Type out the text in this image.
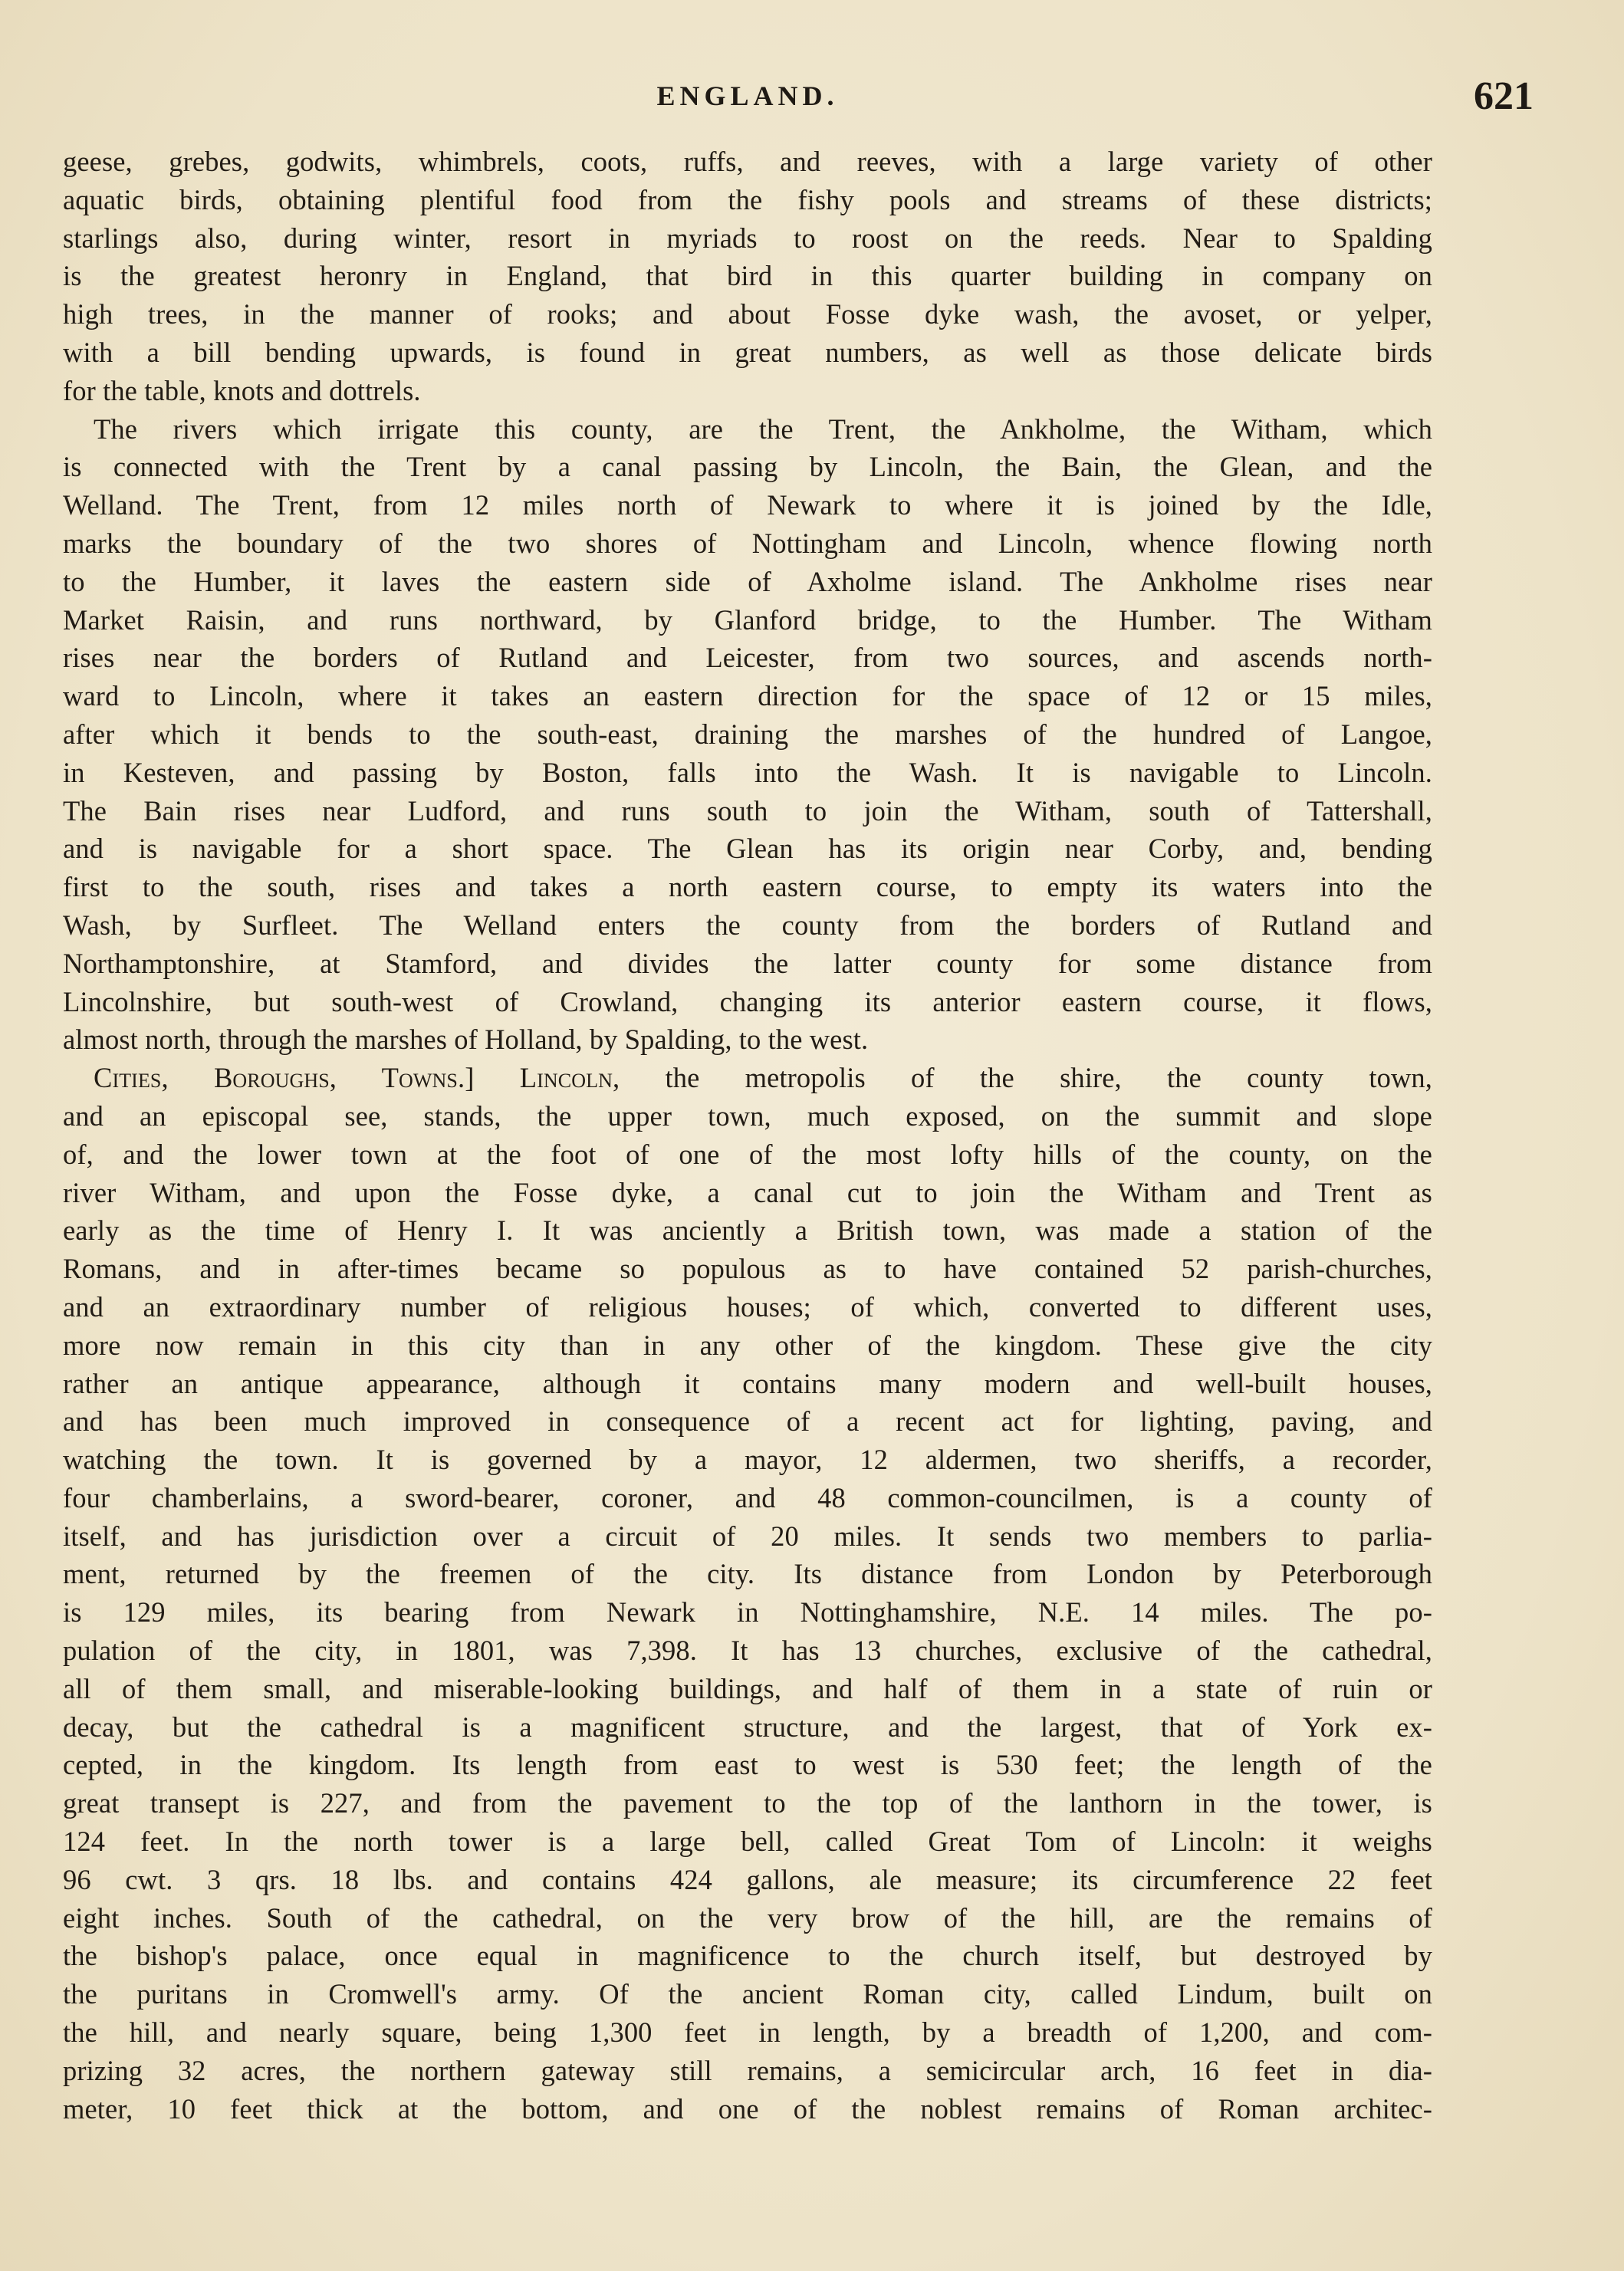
ENGLAND.	621
geese, grebes, godwits, whimbrels, coots, ruffs, and reeves, with a large variety of other
aquatic birds, obtaining plentiful food from the fishy pools and streams of these districts;
starlings also, during winter, resort in myriads to roost on the reeds. Near to Spalding
is the greatest heronry in England, that bird in this quarter building in company on
high trees, in the manner of rooks; and about Fosse dyke wash, the avoset, or yelper,
with a bill bending upwards, is found in great numbers, as well as those delicate birds
for the table, knots and dottrels.
The rivers which irrigate this county, are the Trent, the Ankholme, the Witham, which
is connected with the Trent by a canal passing by Lincoln, the Bain, the Glean, and the
Welland. The Trent, from 12 miles north of Newark to where it is joined by the Idle,
marks the boundary of the two shores of Nottingham and Lincoln, whence flowing north
to the Humber, it laves the eastern side of Axholme island. The Ankholme rises near
Market Raisin, and runs northward, by Glanford bridge, to the Humber. The Witham
rises near the borders of Rutland and Leicester, from two sources, and ascends north-
ward to Lincoln, where it takes an eastern direction for the space of 12 or 15 miles,
after which it bends to the south-east, draining the marshes of the hundred of Langoe,
in Kesteven, and passing by Boston, falls into the Wash. It is navigable to Lincoln.
The Bain rises near Ludford, and runs south to join the Witham, south of Tattershall,
and is navigable for a short space. The Glean has its origin near Corby, and, bending
first to the south, rises and takes a north eastern course, to empty its waters into the
Wash, by Surfleet. The Welland enters the county from the borders of Rutland and
Northamptonshire, at Stamford, and divides the latter county for some distance from
Lincolnshire, but south-west of Crowland, changing its anterior eastern course, it flows,
almost north, through the marshes of Holland, by Spalding, to the west.
Cities, Boroughs, Towns.] Lincoln, the metropolis of the shire, the county town,
and an episcopal see, stands, the upper town, much exposed, on the summit and slope
of, and the lower town at the foot of one of the most lofty hills of the county, on the
river Witham, and upon the Fosse dyke, a canal cut to join the Witham and Trent as
early as the time of Henry I. It was anciently a British town, was made a station of the
Romans, and in after-times became so populous as to have contained 52 parish-churches,
and an extraordinary number of religious houses; of which, converted to different uses,
more now remain in this city than in any other of the kingdom. These give the city
rather an antique appearance, although it contains many modern and well-built houses,
and has been much improved in consequence of a recent act for lighting, paving, and
watching the town. It is governed by a mayor, 12 aldermen, two sheriffs, a recorder,
four chamberlains, a sword-bearer, coroner, and 48 common-councilmen, is a county of
itself, and has jurisdiction over a circuit of 20 miles. It sends two members to parlia-
ment, returned by the freemen of the city. Its distance from London by Peterborough
is 129 miles, its bearing from Newark in Nottinghamshire, N.E. 14 miles. The po-
pulation of the city, in 1801, was 7,398. It has 13 churches, exclusive of the cathedral,
all of them small, and miserable-looking buildings, and half of them in a state of ruin or
decay, but the cathedral is a magnificent structure, and the largest, that of York ex-
cepted, in the kingdom. Its length from east to west is 530 feet; the length of the
great transept is 227, and from the pavement to the top of the lanthorn in the tower, is
124 feet. In the north tower is a large bell, called Great Tom of Lincoln: it weighs
96 cwt. 3 qrs. 18 lbs. and contains 424 gallons, ale measure; its circumference 22 feet
eight inches. South of the cathedral, on the very brow of the hill, are the remains of
the bishop's palace, once equal in magnificence to the church itself, but destroyed by
the puritans in Cromwell's army. Of the ancient Roman city, called Lindum, built on
the hill, and nearly square, being 1,300 feet in length, by a breadth of 1,200, and com-
prizing 32 acres, the northern gateway still remains, a semicircular arch, 16 feet in dia-
meter, 10 feet thick at the bottom, and one of the noblest remains of Roman architec-
